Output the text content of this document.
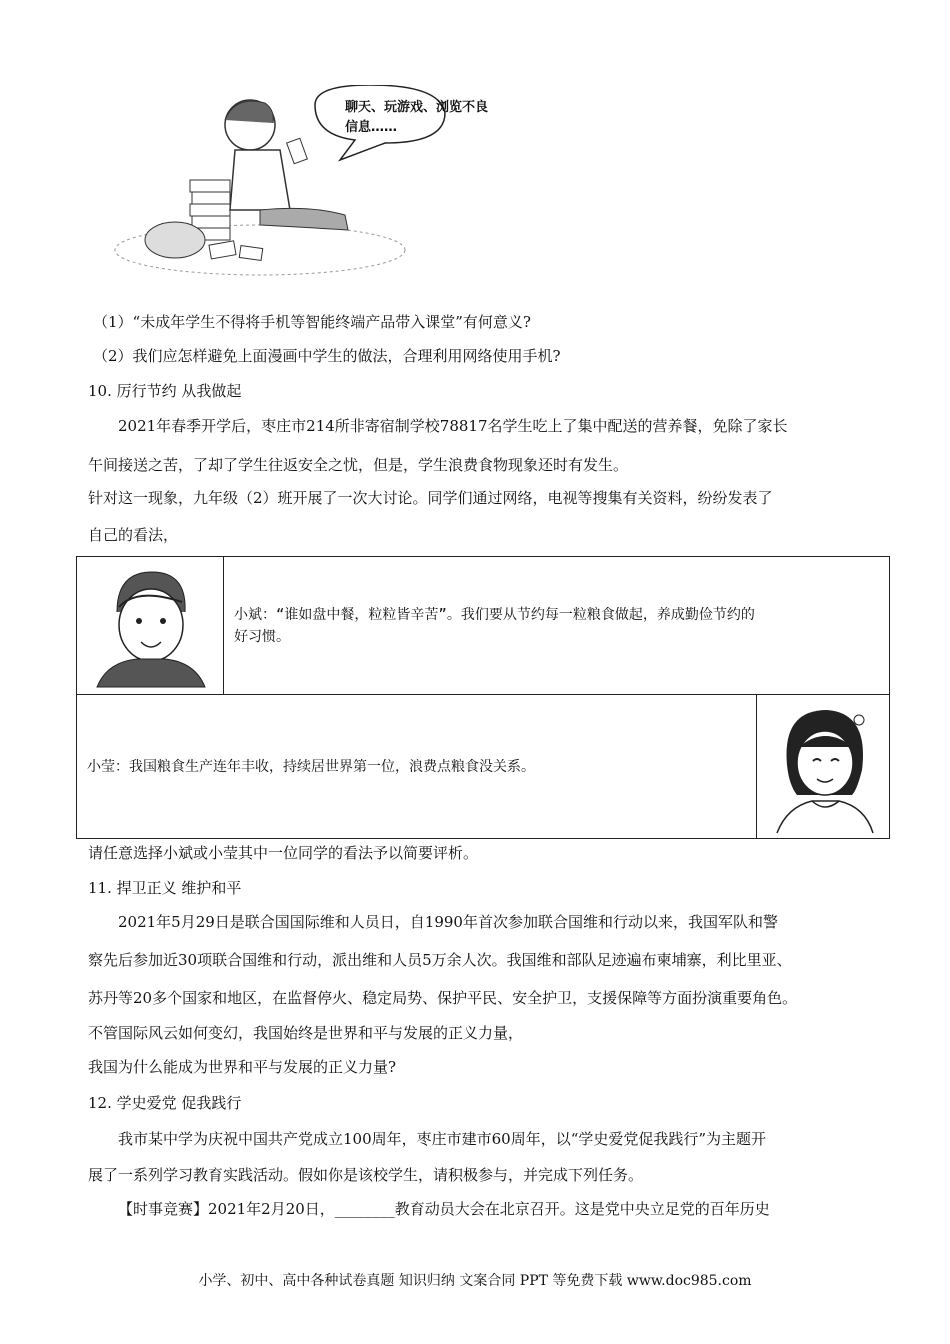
聊天、玩游戏、浏览不良信息……
（1）“未成年学生不得将手机等智能终端产品带入课堂”有何意义?
（2）我们应怎样避免上面漫画中学生的做法，合理利用网络使用手机?
10. 厉行节约 从我做起
2021年春季开学后，枣庄市214所非寄宿制学校78817名学生吃上了集中配送的营养餐，免除了家长
午间接送之苦，了却了学生往返安全之忧，但是，学生浪费食物现象还时有发生。
针对这一现象，九年级（2）班开展了一次大讨论。同学们通过网络，电视等搜集有关资料，纷纷发表了
自己的看法，

小斌：“谁如盘中餐，粒粒皆辛苦”。我们要从节约每一粒粮食做起，养成勤俭节约的
好习惯。	

小莹：我国粮食生产连年丰收，持续居世界第一位，浪费点粮食没关系。

请任意选择小斌或小莹其中一位同学的看法予以简要评析。
11. 捍卫正义 维护和平
2021年5月29日是联合国国际维和人员日，自1990年首次参加联合国维和行动以来，我国军队和警
察先后参加近30项联合国维和行动，派出维和人员5万余人次。我国维和部队足迹遍布柬埔寨，利比里亚、
苏丹等20多个国家和地区，在监督停火、稳定局势、保护平民、安全护卫，支援保障等方面扮演重要角色。
不管国际风云如何变幻，我国始终是世界和平与发展的正义力量，
我国为什么能成为世界和平与发展的正义力量?
12. 学史爱党 促我践行
我市某中学为庆祝中国共产党成立100周年，枣庄市建市60周年，以“学史爱党促我践行”为主题开
展了一系列学习教育实践活动。假如你是该校学生，请积极参与，并完成下列任务。
【时事竞赛】2021年2月20日，________教育动员大会在北京召开。这是党中央立足党的百年历史
小学、初中、高中各种试卷真题 知识归纳 文案合同 PPT 等免费下载 www.doc985.com
